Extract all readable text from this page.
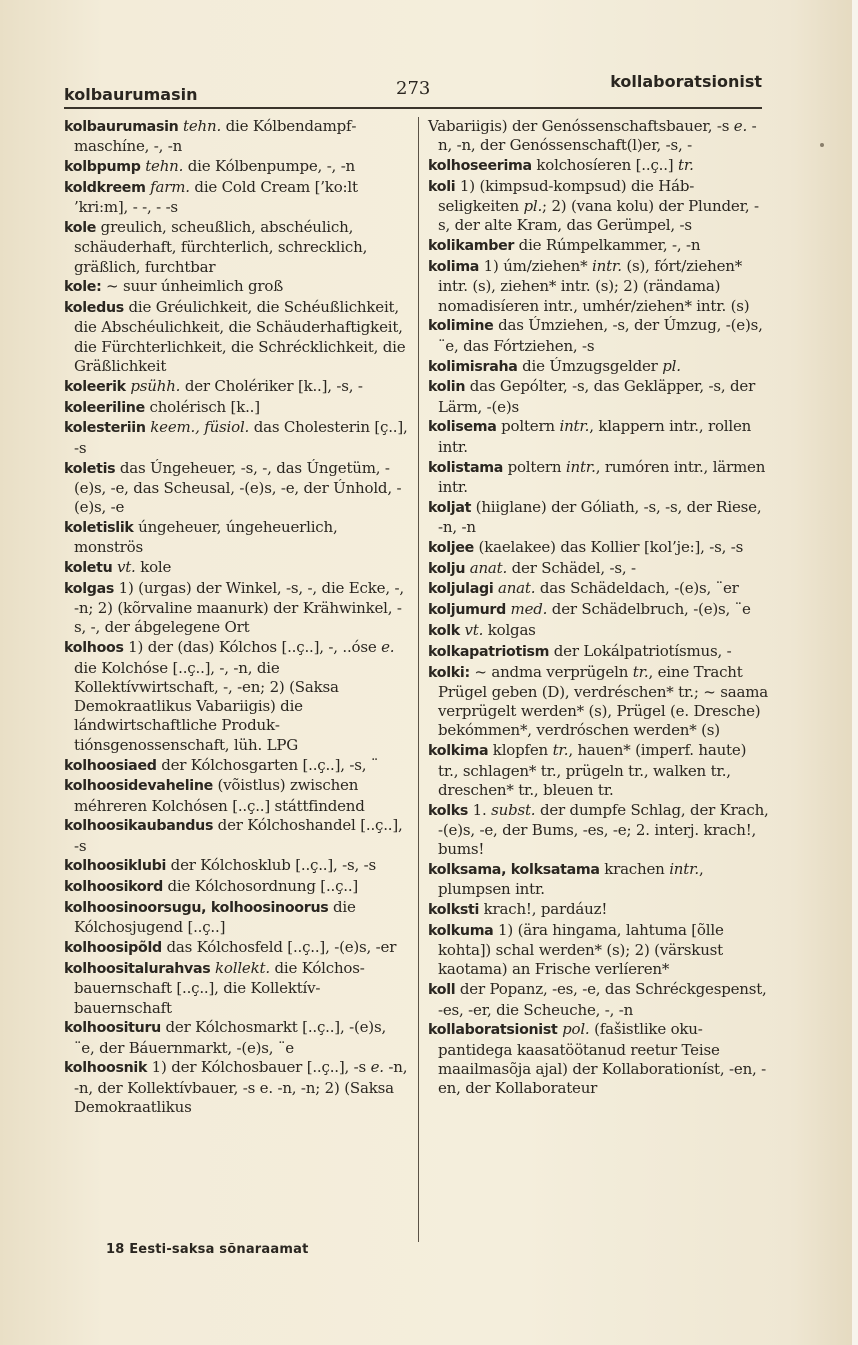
kolbaurumasin	273	kollaboratsionist
kolbaurumasin tehn. die Kólbendampfmaschíne, -, -n
kolbpump tehn. die Kólbenpumpe, -, -n
koldkreem farm. die Cold Cream [’ko:lt ’kri:m], - -, - -s
kole greulich, scheußlich, abschéulich, schäuderhaft, fürchterlich, schrecklich, gräßlich, furchtbar
kole: ~ suur únheimlich groß
koledus die Gréulichkeit, die Schéußlichkeit, die Abschéulichkeit, die Schäuderhaftigkeit, die Fürchterlichkeit, die Schrécklichkeit, die Gräßlichkeit
koleerik psühh. der Cholériker [k..], -s, -
koleeriline cholérisch [k..]
kolesteriin keem., füsiol. das Cholesterin [ç..], -s
koletis das Úngeheuer, -s, -, das Úngetüm, -(e)s, -e, das Scheusal, -(e)s, -e, der Únhold, -(e)s, -e
koletislik úngeheuer, úngeheuerlich, monströs
koletu vt. kole
kolgas 1) (urgas) der Winkel, -s, -, die Ecke, -, -n; 2) (kõrvaline maanurk) der Krähwinkel, -s, -, der ábgelegene Ort
kolhoos 1) der (das) Kólchos [..ç..], -, ..óse e. die Kolchóse [..ç..], -, -n, die Kollektívwirtschaft, -, -en; 2) (Saksa Demokraatlikus Vabariigis) die lándwirtschaftliche Produktiónsgenossenschaft, lüh. LPG
kolhoosiaed der Kólchosgarten [..ç..], -s, ¨
kolhoosidevaheline (võistlus) zwischen méhreren Kolchósen [..ç..] státtfindend
kolhoosikaubandus der Kólchoshandel [..ç..], -s
kolhoosiklubi der Kólchosklub [..ç..], -s, -s
kolhoosikord die Kólchosordnung [..ç..]
kolhoosinoorsugu, kolhoosinoorus die Kólchosjugend [..ç..]
kolhoosipõld das Kólchosfeld [..ç..], -(e)s, -er
kolhoositalurahvas kollekt. die Kólchosbauernschaft [..ç..], die Kollektívbauernschaft
kolhoosituru der Kólchosmarkt [..ç..], -(e)s, ¨e, der Báuernmarkt, -(e)s, ¨e
kolhoosnik 1) der Kólchosbauer [..ç..], -s e. -n, -n, der Kollektívbauer, -s e. -n, -n; 2) (Saksa Demokraatlikus
Vabariigis) der Genóssenschaftsbauer, -s e. -n, -n, der Genóssenschaft(l)er, -s, -
kolhoseerima kolchosíeren [..ç..] tr.
koli 1) (kimpsud-kompsud) die Hábseligkeiten pl.; 2) (vana kolu) der Plunder, -s, der alte Kram, das Gerümpel, -s
kolikamber die Rúmpelkammer, -, -n
kolima 1) úm/ziehen* intr. (s), fórt/ziehen* intr. (s), ziehen* intr. (s); 2) (rändama) nomadisíeren intr., umhér/ziehen* intr. (s)
kolimine das Úmziehen, -s, der Úmzug, -(e)s, ¨e, das Fórtziehen, -s
kolimisraha die Úmzugsgelder pl.
kolin das Gepólter, -s, das Gekläpper, -s, der Lärm, -(e)s
kolisema poltern intr., klappern intr., rollen intr.
kolistama poltern intr., rumóren intr., lärmen intr.
koljat (hiiglane) der Góliath, -s, -s, der Riese, -n, -n
koljee (kaelakee) das Kollier [kol’je:], -s, -s
kolju anat. der Schädel, -s, -
koljulagi anat. das Schädeldach, -(e)s, ¨er
koljumurd med. der Schädelbruch, -(e)s, ¨e
kolk vt. kolgas
kolkapatriotism der Lokálpatriotísmus, -
kolki: ~ andma verprügeln tr., eine Tracht Prügel geben (D), verdréschen* tr.; ~ saama verprügelt werden* (s), Prügel (e. Dresche) bekómmen*, verdróschen werden* (s)
kolkima klopfen tr., hauen* (imperf. haute) tr., schlagen* tr., prügeln tr., walken tr., dreschen* tr., bleuen tr.
kolks 1. subst. der dumpfe Schlag, der Krach, -(e)s, -e, der Bums, -es, -e; 2. interj. krach!, bums!
kolksama, kolksatama krachen intr., plumpsen intr.
kolksti krach!, pardáuz!
kolkuma 1) (ära hingama, lahtuma [õlle kohta]) schal werden* (s); 2) (värskust kaotama) an Frische verlíeren*
koll der Popanz, -es, -e, das Schréckgespenst, -es, -er, die Scheuche, -, -n
kollaboratsionist pol. (fašistlike okupantidega kaasatöötanud reetur Teise maailmasõja ajal) der Kollaborationíst, -en, -en, der Kollaborateur
18 Eesti-saksa sõnaraamat
